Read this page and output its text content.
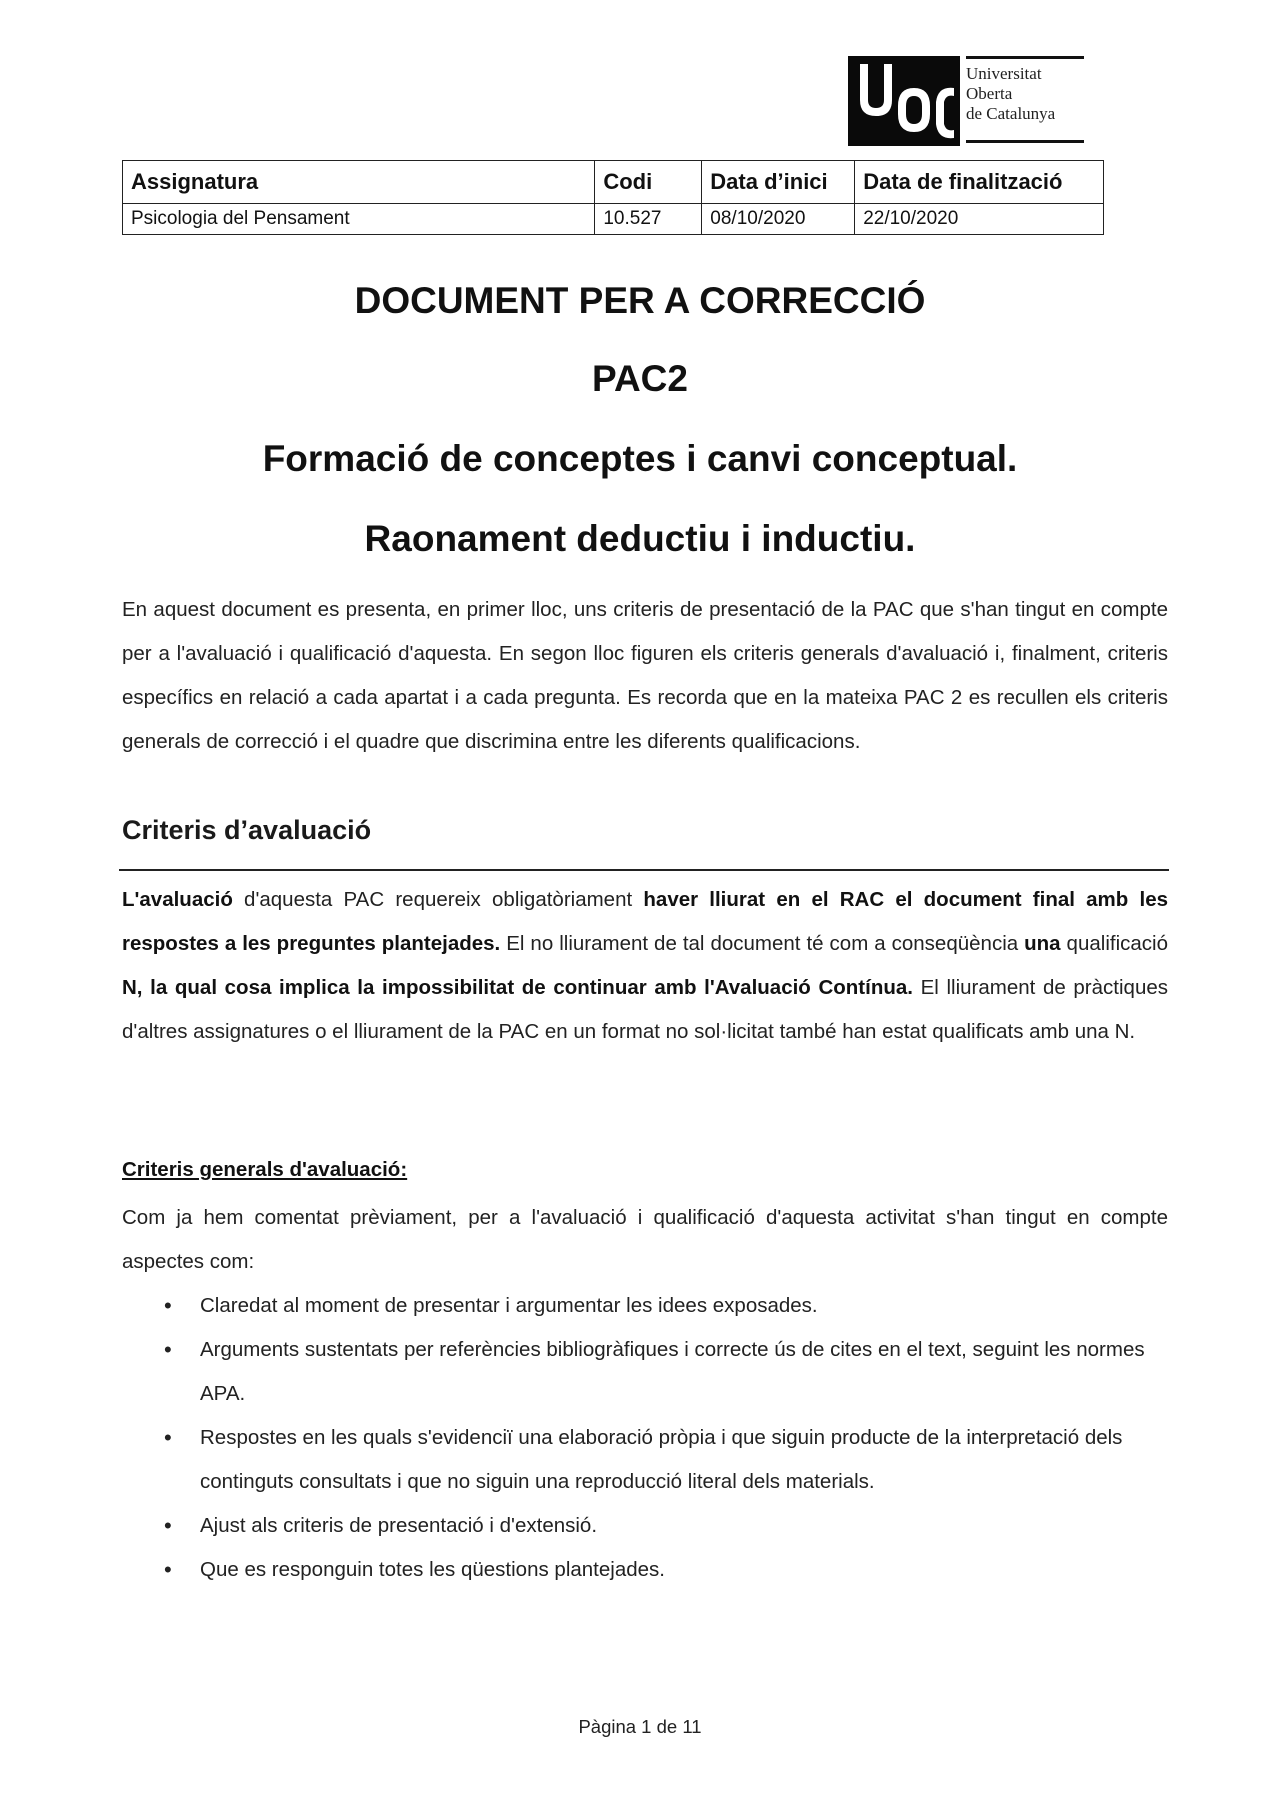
Universitat
Oberta
de Catalunya
Assignatura	Codi	Data d’inici	Data de finalització
Psicologia del Pensament	10.527	08/10/2020	22/10/2020
DOCUMENT PER A CORRECCIÓ
PAC2
Formació de conceptes i canvi conceptual.
Raonament deductiu i inductiu.
En aquest document es presenta, en primer lloc, uns criteris de presentació de la PAC que s'han tingut en compte per a l'avaluació i qualificació d'aquesta. En segon lloc figuren els criteris generals d'avaluació i, finalment, criteris específics en relació a cada apartat i a cada pregunta. Es recorda que en la mateixa PAC 2 es recullen els criteris generals de correcció i el quadre que discrimina entre les diferents qualificacions.
Criteris d’avaluació
L'avaluació d'aquesta PAC requereix obligatòriament haver lliurat en el RAC el document final amb les respostes a les preguntes plantejades. El no lliurament de tal document té com a conseqüència una qualificació N, la qual cosa implica la impossibilitat de continuar amb l'Avaluació Contínua. El lliurament de pràctiques d'altres assignatures o el lliurament de la PAC en un format no sol·licitat també han estat qualificats amb una N.
Criteris generals d'avaluació:
Com ja hem comentat prèviament, per a l'avaluació i qualificació d'aquesta activitat s'han tingut en compte aspectes com:
• Claredat al moment de presentar i argumentar les idees exposades.
• Arguments sustentats per referències bibliogràfiques i correcte ús de cites en el text, seguint les normes APA.
• Respostes en les quals s'evidenciï una elaboració pròpia i que siguin producte de la interpretació dels continguts consultats i que no siguin una reproducció literal dels materials.
• Ajust als criteris de presentació i d'extensió.
• Que es responguin totes les qüestions plantejades.
Pàgina 1 de 11
